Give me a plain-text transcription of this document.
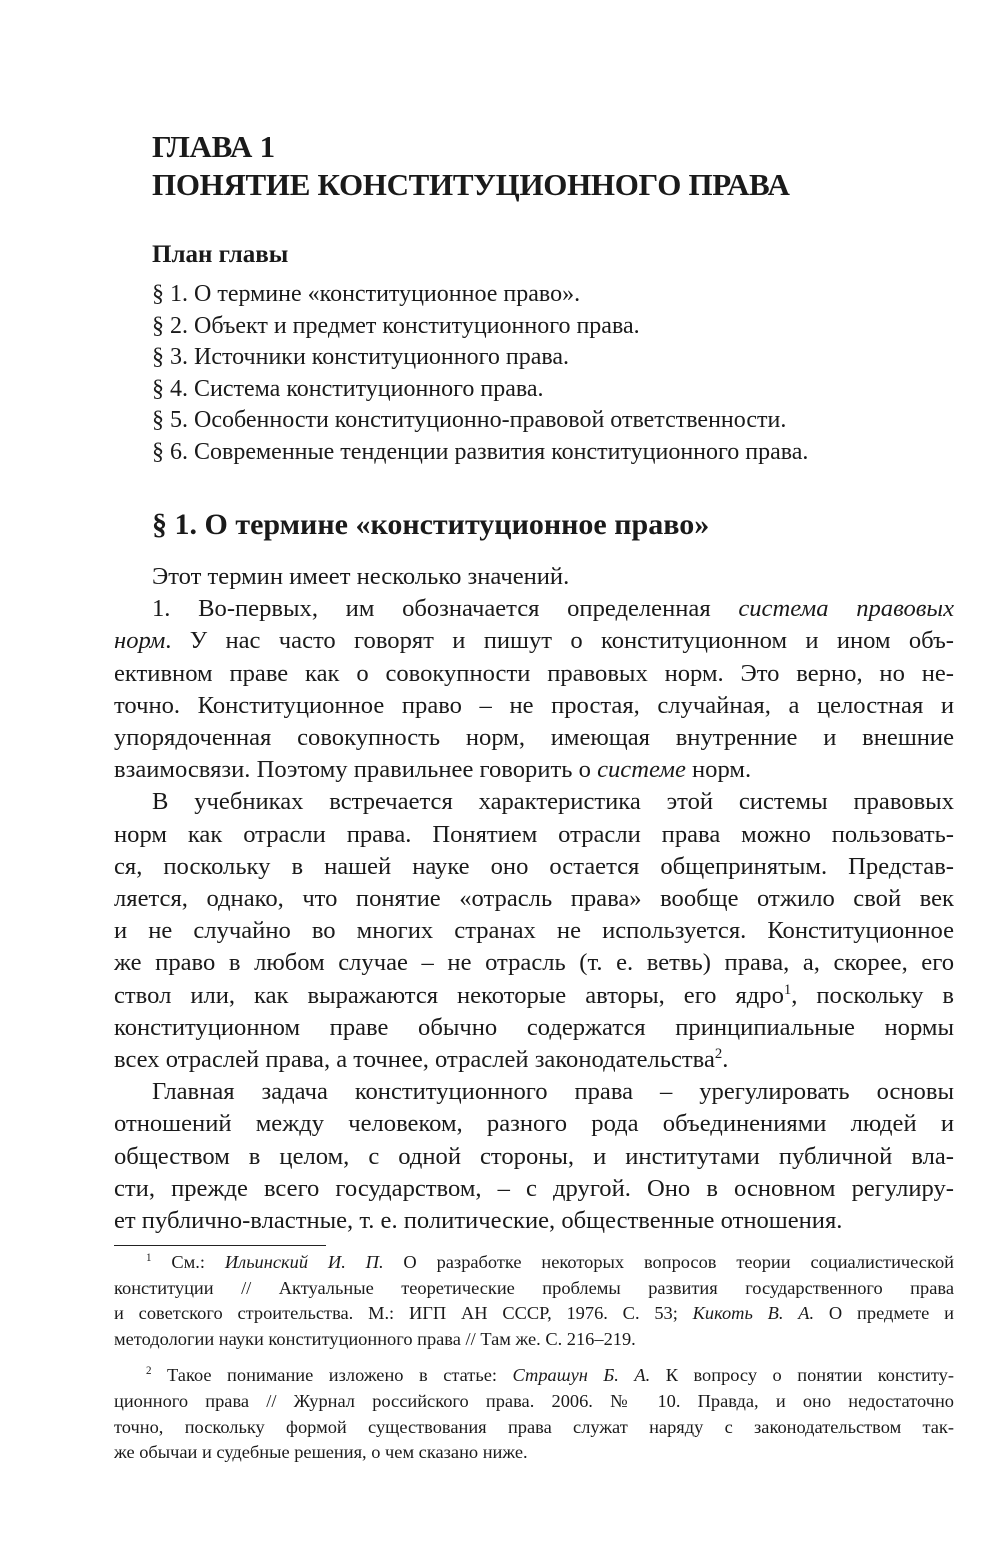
ГЛАВА 1
ПОНЯТИЕ КОНСТИТУЦИОННОГО ПРАВА
План главы
§ 1. О термине «конституционное право».
§ 2. Объект и предмет конституционного права.
§ 3. Источники конституционного права.
§ 4. Система конституционного права.
§ 5. Особенности конституционно-правовой ответственности.
§ 6. Современные тенденции развития конституционного права.
§ 1. О термине «конституционное право»
Этот термин имеет несколько значений.
1. Во-первых, им обозначается определенная система правовых
норм. У нас часто говорят и пишут о конституционном и ином объ-
ективном праве как о совокупности правовых норм. Это верно, но не-
точно. Конституционное право – не простая, случайная, а целостная и
упорядоченная совокупность норм, имеющая внутренние и внешние
взаимосвязи. Поэтому правильнее говорить о системе норм.
В учебниках встречается характеристика этой системы правовых
норм как отрасли права. Понятием отрасли права можно пользовать-
ся, поскольку в нашей науке оно остается общепринятым. Представ-
ляется, однако, что понятие «отрасль права» вообще отжило свой век
и не случайно во многих странах не используется. Конституционное
же право в любом случае – не отрасль (т. е. ветвь) права, а, скорее, его
ствол или, как выражаются некоторые авторы, его ядро$^1$, поскольку в
конституционном праве обычно содержатся принципиальные нормы
всех отраслей права, а точнее, отраслей законодательства$^2$.
Главная задача конституционного права – урегулировать основы
отношений между человеком, разного рода объединениями людей и
обществом в целом, с одной стороны, и институтами публичной вла-
сти, прежде всего государством, – с другой. Оно в основном регулиру-
ет публично-властные, т. е. политические, общественные отношения.
$^1$ См.: Ильинский И. П. О разработке некоторых вопросов теории социалистической
конституции // Актуальные теоретические проблемы развития государственного права
и советского строительства. М.: ИГП АН СССР, 1976. С. 53; Кикоть В. А. О предмете и
методологии науки конституционного права // Там же. С. 216–219.
$^2$ Такое понимание изложено в статье: Страшун Б. А. К вопросу о понятии конститу-
ционного права // Журнал российского права. 2006. № 10. Правда, и оно недостаточно
точно, поскольку формой существования права служат наряду с законодательством так-
же обычаи и судебные решения, о чем сказано ниже.
